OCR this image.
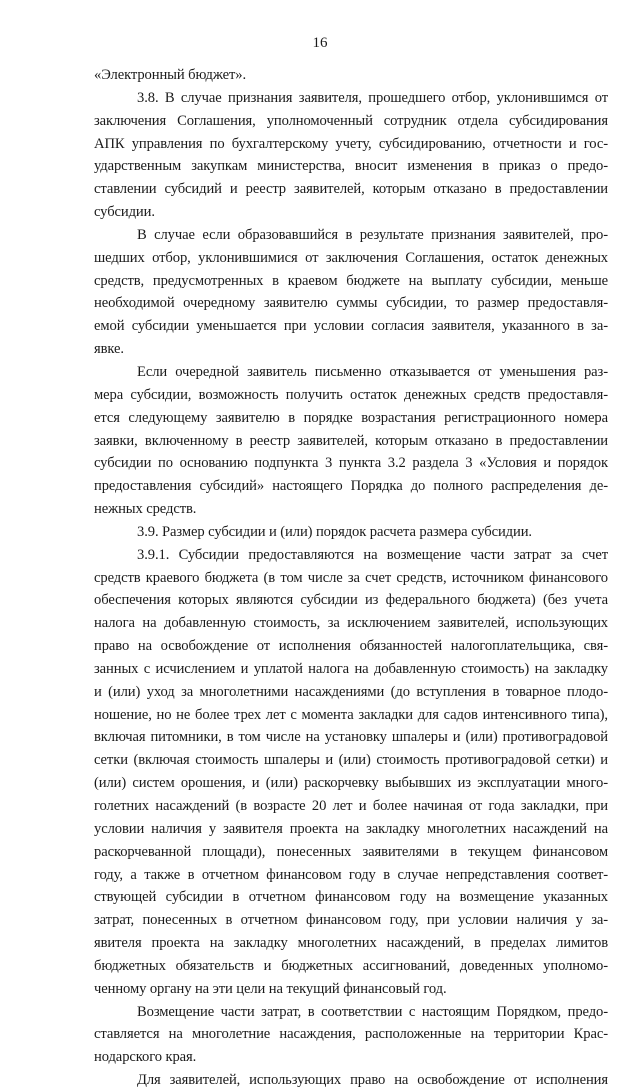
16
«Электронный бюджет».
3.8. В случае признания заявителя, прошедшего отбор, уклонившимся от
заключения Соглашения, уполномоченный сотрудник отдела субсидирования
АПК управления по бухгалтерскому учету, субсидированию, отчетности и гос-
ударственным закупкам министерства, вносит изменения в приказ о предо-
ставлении субсидий и реестр заявителей, которым отказано в предоставлении
субсидии.
В случае если образовавшийся в результате признания заявителей, про-
шедших отбор, уклонившимися от заключения Соглашения, остаток денежных
средств, предусмотренных в краевом бюджете на выплату субсидии, меньше
необходимой очередному заявителю суммы субсидии, то размер предоставля-
емой субсидии уменьшается при условии согласия заявителя, указанного в за-
явке.
Если очередной заявитель письменно отказывается от уменьшения раз-
мера субсидии, возможность получить остаток денежных средств предоставля-
ется следующему заявителю в порядке возрастания регистрационного номера
заявки, включенному в реестр заявителей, которым отказано в предоставлении
субсидии по основанию подпункта 3 пункта 3.2 раздела 3 «Условия и порядок
предоставления субсидий» настоящего Порядка до полного распределения де-
нежных средств.
3.9. Размер субсидии и (или) порядок расчета размера субсидии.
3.9.1. Субсидии предоставляются на возмещение части затрат за счет
средств краевого бюджета (в том числе за счет средств, источником финансового
обеспечения которых являются субсидии из федерального бюджета) (без учета
налога на добавленную стоимость, за исключением заявителей, использующих
право на освобождение от исполнения обязанностей налогоплательщика, свя-
занных с исчислением и уплатой налога на добавленную стоимость) на закладку
и (или) уход за многолетними насаждениями (до вступления в товарное плодо-
ношение, но не более трех лет с момента закладки для садов интенсивного типа),
включая питомники, в том числе на установку шпалеры и (или) противоградовой
сетки (включая стоимость шпалеры и (или) стоимость противоградовой сетки) и
(или) систем орошения, и (или) раскорчевку выбывших из эксплуатации много-
голетних насаждений (в возрасте 20 лет и более начиная от года закладки, при
условии наличия у заявителя проекта на закладку многолетних насаждений на
раскорчеванной площади), понесенных заявителями в текущем финансовом
году, а также в отчетном финансовом году в случае непредставления соответ-
ствующей субсидии в отчетном финансовом году на возмещение указанных
затрат, понесенных в отчетном финансовом году, при условии наличия у за-
явителя проекта на закладку многолетних насаждений, в пределах лимитов
бюджетных обязательств и бюджетных ассигнований, доведенных уполномо-
ченному органу на эти цели на текущий финансовый год.
Возмещение части затрат, в соответствии с настоящим Порядком, предо-
ставляется на многолетние насаждения, расположенные на территории Крас-
нодарского края.
Для заявителей, использующих право на освобождение от исполнения
